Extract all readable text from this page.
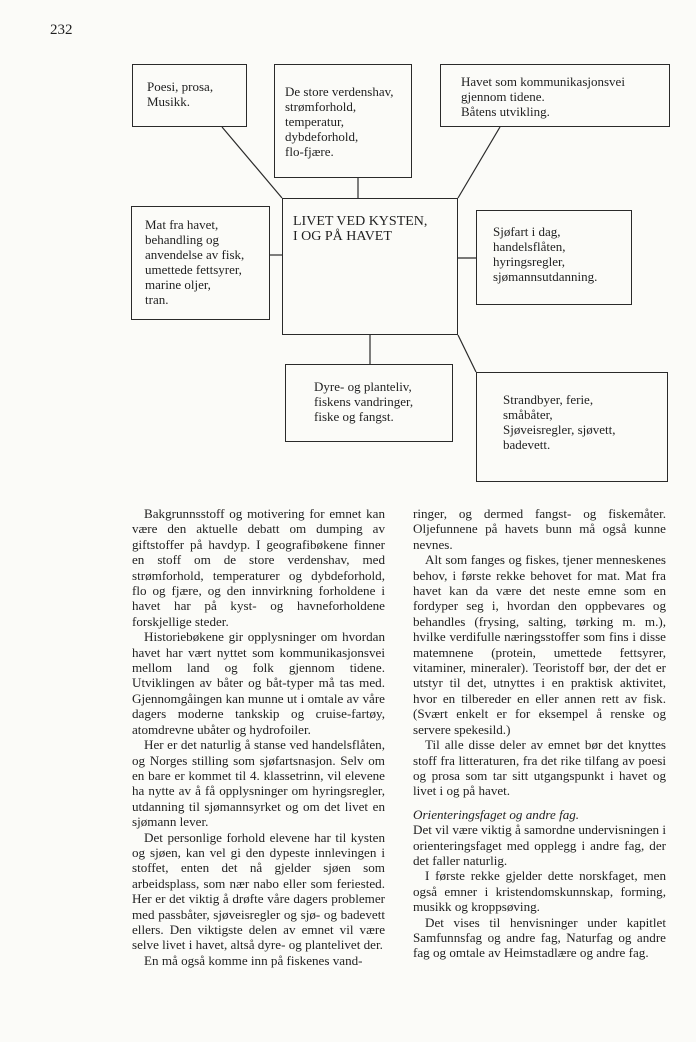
232
Poesi, prosa,
Musikk.
De store verdenshav,
strømforhold,
temperatur,
dybdeforhold,
flo-fjære.
Havet som kommunikasjonsvei
gjennom tidene.
Båtens utvikling.
Mat fra havet,
behandling og
anvendelse av fisk,
umettede fettsyrer,
marine oljer,
tran.
LIVET VED KYSTEN,
I OG PÅ HAVET	Sjøfart i dag,
handelsflåten,
hyringsregler,
sjømannsutdanning.
Dyre- og planteliv,
fiskens vandringer,
fiske og fangst.
Strandbyer, ferie,
småbåter,
Sjøveisregler, sjøvett,
badevett.

Bakgrunnsstoff og motivering for emnet kan være den aktuelle debatt om dumping av giftstoffer på havdyp. I geografibøkene finner en stoff om de store verdenshav, med strømforhold, temperaturer og dybdeforhold, flo og fjære, og den innvirkning forholdene i havet har på kyst- og havneforholdene forskjellige steder.

Historiebøkene gir opplysninger om hvordan havet har vært nyttet som kommunikasjonsvei mellom land og folk gjennom tidene. Utviklingen av båter og båt-typer må tas med. Gjennomgåingen kan munne ut i omtale av våre dagers moderne tankskip og cruise-fartøy, atomdrevne ubåter og hydrofoiler.

Her er det naturlig å stanse ved handelsflåten, og Norges stilling som sjøfartsnasjon. Selv om en bare er kommet til 4. klassetrinn, vil elevene ha nytte av å få opplysninger om hyringsregler, utdanning til sjømannsyrket og om det livet en sjømann lever.

Det personlige forhold elevene har til kysten og sjøen, kan vel gi den dypeste innlevingen i stoffet, enten det nå gjelder sjøen som arbeidsplass, som nær nabo eller som feriested. Her er det viktig å drøfte våre dagers problemer med passbåter, sjøveisregler og sjø- og badevett ellers. Den viktigste delen av emnet vil være selve livet i havet, altså dyre- og plantelivet der.

En må også komme inn på fiskenes vand-

ringer, og dermed fangst- og fiskemåter. Oljefunnene på havets bunn må også kunne nevnes.

Alt som fanges og fiskes, tjener menneskenes behov, i første rekke behovet for mat. Mat fra havet kan da være det neste emne som en fordyper seg i, hvordan den oppbevares og behandles (frysing, salting, tørking m. m.), hvilke verdifulle næringsstoffer som fins i disse matemnene (protein, umettede fettsyrer, vitaminer, mineraler). Teoristoff bør, der det er utstyr til det, utnyttes i en praktisk aktivitet, hvor en tilbereder en eller annen rett av fisk. (Svært enkelt er for eksempel å renske og servere spekesild.)

Til alle disse deler av emnet bør det knyttes stoff fra litteraturen, fra det rike tilfang av poesi og prosa som tar sitt utgangspunkt i havet og livet i og på havet.

Orienteringsfaget og andre fag.

Det vil være viktig å samordne undervisningen i orienteringsfaget med opplegg i andre fag, der det faller naturlig.

I første rekke gjelder dette norskfaget, men også emner i kristendomskunnskap, forming, musikk og kroppsøving.

Det vises til henvisninger under kapitlet Samfunnsfag og andre fag, Naturfag og andre fag og omtale av Heimstadlære og andre fag.
